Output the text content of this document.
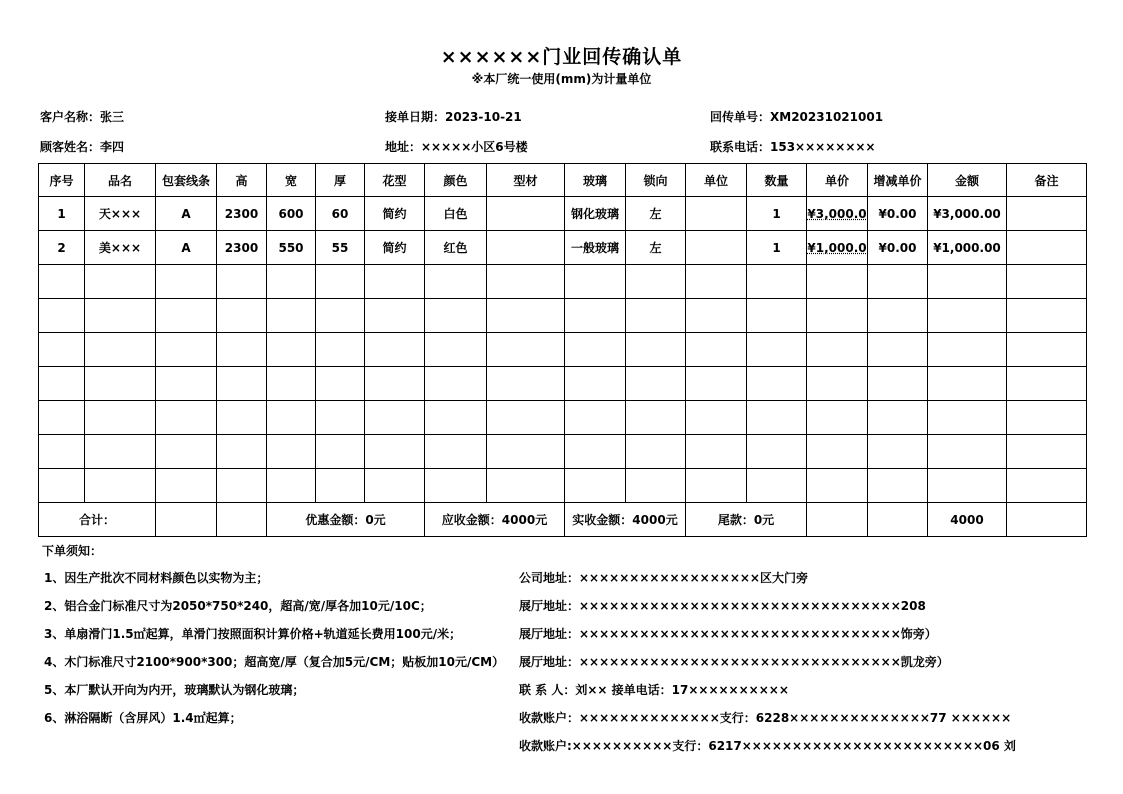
××××××门业回传确认单
※本厂统一使用(mm)为计量单位
客户名称：张三	接单日期：2023-10-21	回传单号：XM20231021001
顾客姓名：李四	地址：×××××小区6号楼	联系电话：153××××××××
序号	品名	包套线条	高	宽	厚	花型	颜色	型材	玻璃	锁向	单位	数量	单价	增减单价	金额	备注
1	天×××	A	2300	600	60	简约	白色		钢化玻璃	左		1	¥3,000.0	¥0.00	¥3,000.00	
2	美×××	A	2300	550	55	简约	红色		一般玻璃	左		1	¥1,000.0	¥0.00	¥1,000.00	

合计：				优惠金额：0元			应收金额：4000元		实收金额：4000元		尾款：0元				4000	
下单须知：
1、因生产批次不同材料颜色以实物为主；
2、铝合金门标准尺寸为2050*750*240，超高/宽/厚各加10元/10C；
3、单扇滑门1.5㎡起算，单滑门按照面积计算价格+轨道延长费用100元/米；
4、木门标准尺寸2100*900*300；超高宽/厚（复合加5元/CM；贴板加10元/CM）
5、本厂默认开向为内开，玻璃默认为钢化玻璃；
6、淋浴隔断（含屏风）1.4㎡起算；
公司地址：××××××××××××××××××区大门旁
展厅地址：××××××××××××××××××××××××××××××××208
展厅地址：××××××××××××××××××××××××××××××××饰旁）
展厅地址：××××××××××××××××××××××××××××××××凯龙旁）
联 系 人：刘×× 接单电话：17××××××××××
收款账户：××××××××××××××支行：6228××××××××××××××77 ××××××
收款账户:××××××××××支行：6217××××××××××××××××××××××××06 刘
